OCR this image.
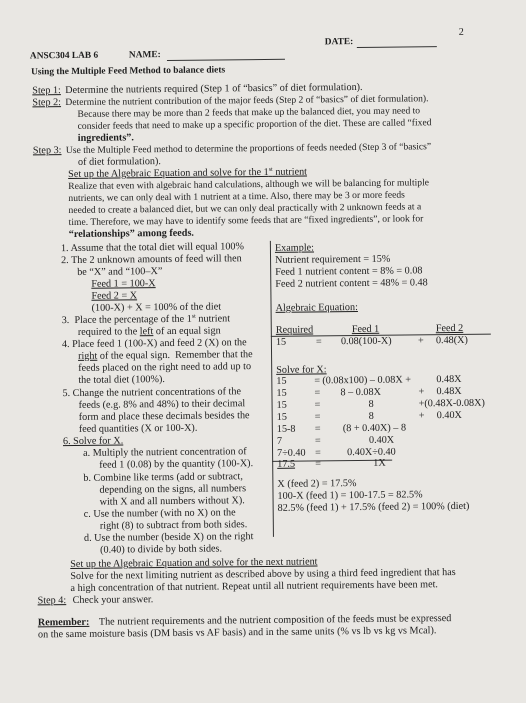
2
ANSC304 LAB 6	NAME:
DATE:
Using the Multiple Feed Method to balance diets
Step 1: Determine the nutrients required (Step 1 of “basics” of diet formulation).
Step 2: Determine the nutrient contribution of the major feeds (Step 2 of “basics” of diet formulation).
Because there may be more than 2 feeds that make up the balanced diet, you may need to
consider feeds that need to make up a specific proportion of the diet. These are called “fixed
ingredients”.
Step 3: Use the Multiple Feed method to determine the proportions of feeds needed (Step 3 of “basics”
of diet formulation).
Set up the Algebraic Equation and solve for the 1st nutrient
Realize that even with algebraic hand calculations, although we will be balancing for multiple
nutrients, we can only deal with 1 nutrient at a time. Also, there may be 3 or more feeds
needed to create a balanced diet, but we can only deal practically with 2 unknown feeds at a
time. Therefore, we may have to identify some feeds that are “fixed ingredients”, or look for
“relationships” among feeds.
1. Assume that the total diet will equal 100%
2. The 2 unknown amounts of feed will then
be “X” and “100–X”
Feed 1 = 100-X
Feed 2 = X
(100-X) + X = 100% of the diet
3.  Place the percentage of the 1st nutrient
required to the left of an equal sign
4. Place feed 1 (100-X) and feed 2 (X) on the
right of the equal sign.  Remember that the
feeds placed on the right need to add up to
the total diet (100%).
5. Change the nutrient concentrations of the
feeds (e.g. 8% and 48%) to their decimal
form and place these decimals besides the
feed quantities (X or 100-X).
6. Solve for X.
a. Multiply the nutrient concentration of
feed 1 (0.08) by the quantity (100-X).
b. Combine like terms (add or subtract,
depending on the signs, all numbers
with X and all numbers without X).
c. Use the number (with no X) on the
right (8) to subtract from both sides.
d. Use the number (beside X) on the right
(0.40) to divide by both sides.
Example:
Nutrient requirement = 15%
Feed 1 nutrient content = 8% = 0.08
Feed 2 nutrient content = 48% = 0.48
Algebraic Equation:
Required	Feed 1	Feed 2
15	= 0.08(100-X)	+ 0.48(X)
Solve for X:
15	= (0.08x100) – 0.08X + 0.48X
15	= 8 – 0.08X	+ 0.48X
15	=	8	+(0.48X-0.08X)
15	=	8	+ 0.40X
15-8 = (8 + 0.40X) – 8
7	=	0.40X
7÷0.40 =	0.40X÷0.40
17.5 =	1X
X (feed 2) = 17.5%
100-X (feed 1) = 100-17.5 = 82.5%
82.5% (feed 1) + 17.5% (feed 2) = 100% (diet)
Set up the Algebraic Equation and solve for the next nutrient
Solve for the next limiting nutrient as described above by using a third feed ingredient that has
a high concentration of that nutrient. Repeat until all nutrient requirements have been met.
Step 4: Check your answer.
Remember: The nutrient requirements and the nutrient composition of the feeds must be expressed
on the same moisture basis (DM basis vs AF basis) and in the same units (% vs lb vs kg vs Mcal).
